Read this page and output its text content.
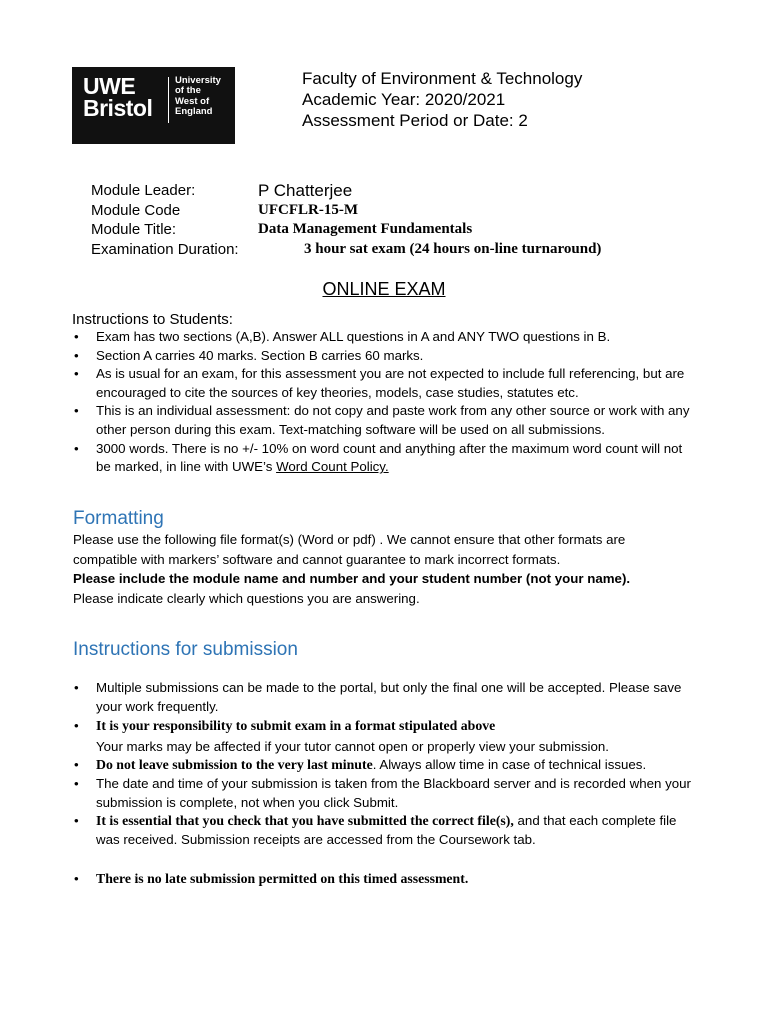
UWE
Bristol
University
of the
West of
England
Faculty of Environment & Technology
Academic Year: 2020/2021
Assessment Period or Date: 2
Module Leader:	P Chatterjee
Module Code	UFCFLR-15-M
Module Title:	Data Management Fundamentals
Examination Duration:	3 hour sat exam (24 hours on-line turnaround)
ONLINE EXAM
Instructions to Students:
• Exam has two sections (A,B). Answer ALL questions in A and ANY TWO questions in B.
• Section A carries 40 marks. Section B carries 60 marks.
• As is usual for an exam, for this assessment you are not expected to include full referencing, but are encouraged to cite the sources of key theories, models, case studies, statutes etc.
• This is an individual assessment: do not copy and paste work from any other source or work with any other person during this exam. Text-matching software will be used on all submissions.
• 3000 words. There is no +/- 10% on word count and anything after the maximum word count will not be marked, in line with UWE’s Word Count Policy.
Formatting
Please use the following file format(s) (Word or pdf) . We cannot ensure that other formats are compatible with markers’ software and cannot guarantee to mark incorrect formats.
Please include the module name and number and your student number (not your name).
Please indicate clearly which questions you are answering.
Instructions for submission
• Multiple submissions can be made to the portal, but only the final one will be accepted. Please save your work frequently.
• It is your responsibility to submit exam in a format stipulated above
Your marks may be affected if your tutor cannot open or properly view your submission.
• Do not leave submission to the very last minute. Always allow time in case of technical issues.
• The date and time of your submission is taken from the Blackboard server and is recorded when your submission is complete, not when you click Submit.
• It is essential that you check that you have submitted the correct file(s), and that each complete file was received. Submission receipts are accessed from the Coursework tab.
• There is no late submission permitted on this timed assessment.
